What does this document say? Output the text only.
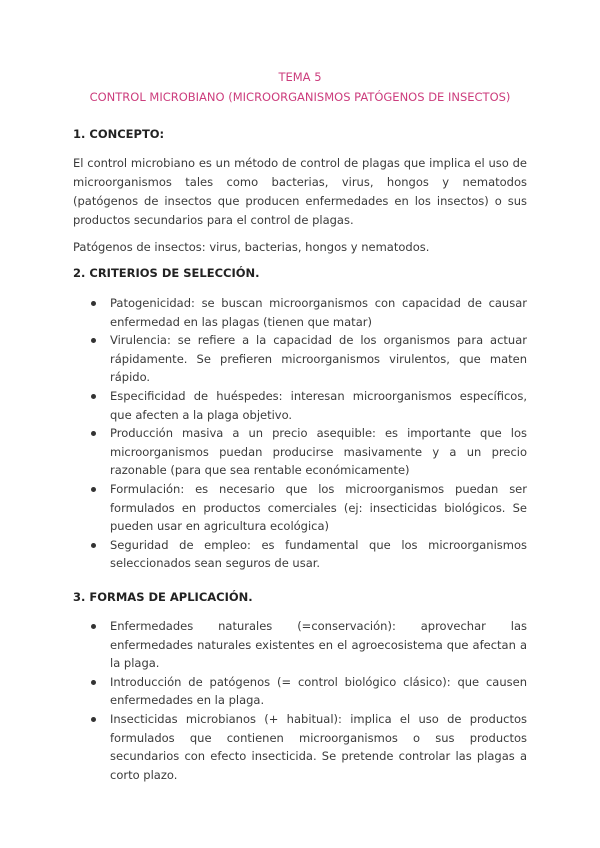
TEMA 5
CONTROL MICROBIANO (MICROORGANISMOS PATÓGENOS DE INSECTOS)
1. CONCEPTO:
El control microbiano es un método de control de plagas que implica el uso de microorganismos tales como bacterias, virus, hongos y nematodos (patógenos de insectos que producen enfermedades en los insectos) o sus productos secundarios para el control de plagas.
Patógenos de insectos: virus, bacterias, hongos y nematodos.
2. CRITERIOS DE SELECCIÓN.
Patogenicidad: se buscan microorganismos con capacidad de causar enfermedad en las plagas (tienen que matar)
Virulencia: se refiere a la capacidad de los organismos para actuar rápidamente. Se prefieren microorganismos virulentos, que maten rápido.
Especificidad de huéspedes: interesan microorganismos específicos, que afecten a la plaga objetivo.
Producción masiva a un precio asequible: es importante que los microorganismos puedan producirse masivamente y a un precio razonable (para que sea rentable económicamente)
Formulación: es necesario que los microorganismos puedan ser formulados en productos comerciales (ej: insecticidas biológicos. Se pueden usar en agricultura ecológica)
Seguridad de empleo: es fundamental que los microorganismos seleccionados sean seguros de usar.
3. FORMAS DE APLICACIÓN.
Enfermedades naturales (=conservación): aprovechar las enfermedades naturales existentes en el agroecosistema que afectan a la plaga.
Introducción de patógenos (= control biológico clásico): que causen enfermedades en la plaga.
Insecticidas microbianos (+ habitual): implica el uso de productos formulados que contienen microorganismos o sus productos secundarios con efecto insecticida. Se pretende controlar las plagas a corto plazo.
